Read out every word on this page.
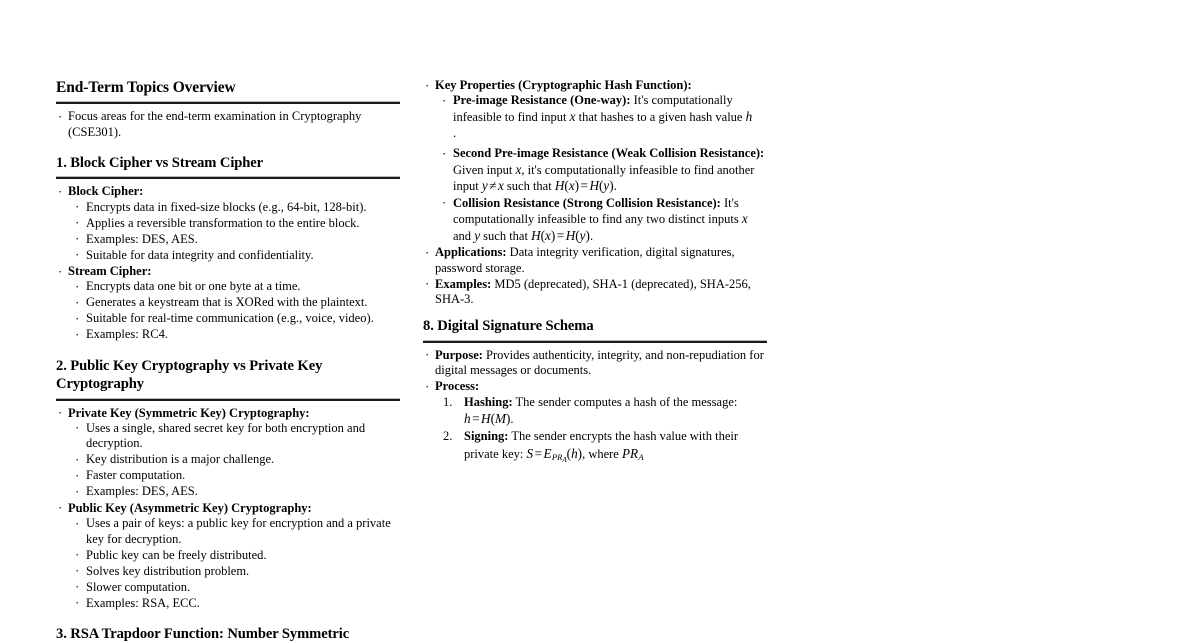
End-Term Topics Overview
· Focus areas for the end-term examination in Cryptography (CSE301).
1. Block Cipher vs Stream Cipher
· Block Cipher:
· Encrypts data in fixed-size blocks (e.g., 64-bit, 128-bit).
· Applies a reversible transformation to the entire block.
· Examples: DES, AES.
· Suitable for data integrity and confidentiality.
· Stream Cipher:
· Encrypts data one bit or one byte at a time.
· Generates a keystream that is XORed with the plaintext.
· Suitable for real-time communication (e.g., voice, video).
· Examples: RC4.
2. Public Key Cryptography vs Private Key Cryptography
· Private Key (Symmetric Key) Cryptography:
· Uses a single, shared secret key for both encryption and decryption.
· Key distribution is a major challenge.
· Faster computation.
· Examples: DES, AES.
· Public Key (Asymmetric Key) Cryptography:
· Uses a pair of keys: a public key for encryption and a private key for decryption.
· Public key can be freely distributed.
· Solves key distribution problem.
· Slower computation.
· Examples: RSA, ECC.
3. RSA Trapdoor Function: Number Symmetric
· Key Properties (Cryptographic Hash Function):
· Pre-image Resistance (One-way): It's computationally infeasible to find input x that hashes to a given hash value h
.
· Second Pre-image Resistance (Weak Collision Resistance):
Given input x, it's computationally infeasible to find another input y ≠ x such that H(x) = H(y).
· Collision Resistance (Strong Collision Resistance): It's computationally infeasible to find any two distinct inputs x and y such that H(x) = H(y).
· Applications: Data integrity verification, digital signatures, password storage.
· Examples: MD5 (deprecated), SHA-1 (deprecated), SHA-256, SHA-3.
8. Digital Signature Schema
· Purpose: Provides authenticity, integrity, and non-repudiation for digital messages or documents.
· Process:
Hashing: The sender computes a hash of the message: h = H(M).
Signing: The sender encrypts the hash value with their private key: $S = E_{PR_A}(h)$, where $PR_A$
